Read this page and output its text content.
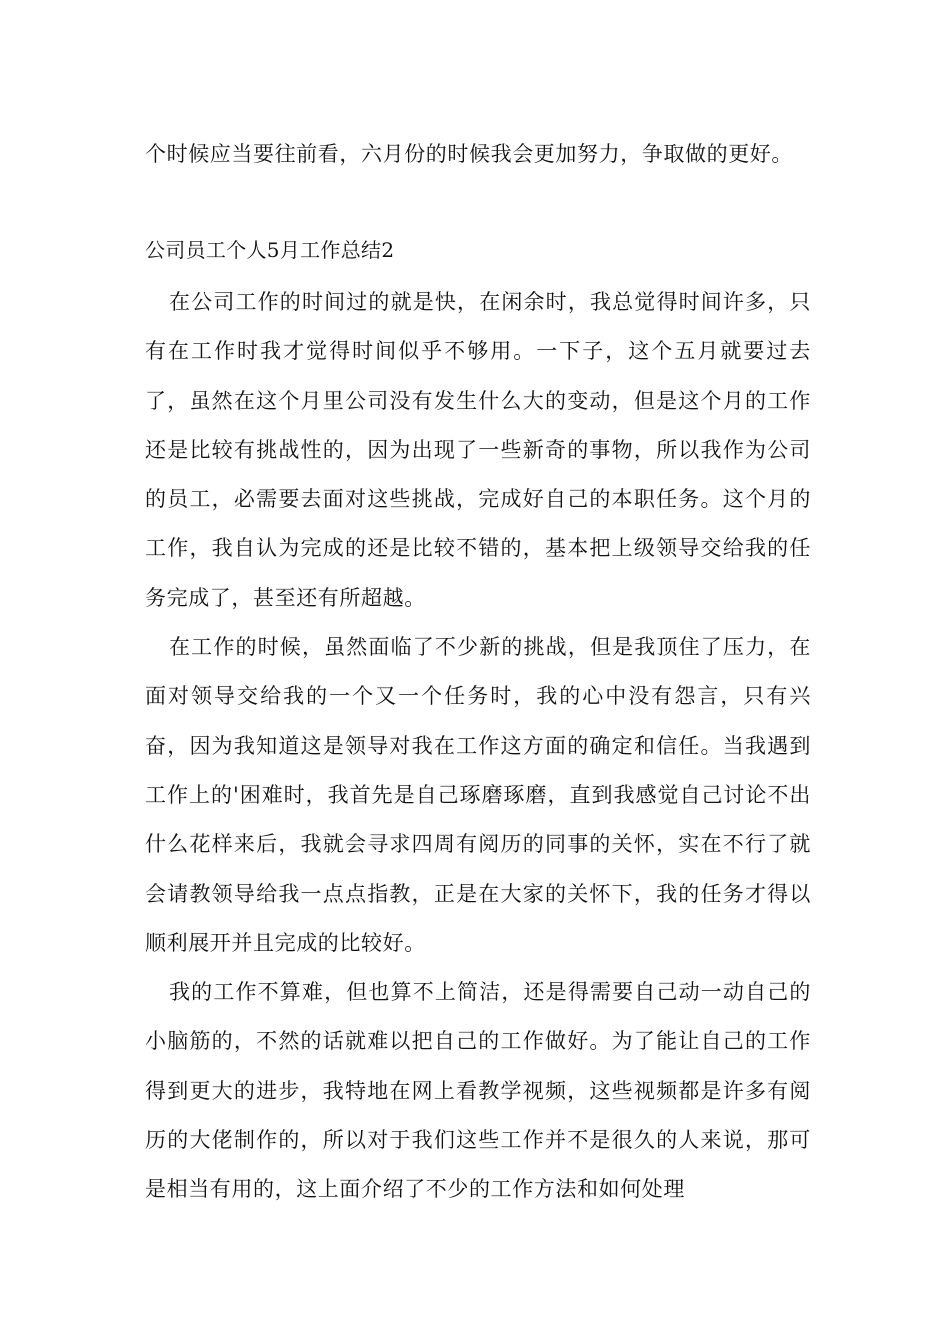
个时候应当要往前看，六月份的时候我会更加努力，争取做的更好。
公司员工个人5月工作总结2

在公司工作的时间过的就是快，在闲余时，我总觉得时间许多，只有在工作时我才觉得时间似乎不够用。一下子，这个五月就要过去了，虽然在这个月里公司没有发生什么大的变动，但是这个月的工作还是比较有挑战性的，因为出现了一些新奇的事物，所以我作为公司的员工，必需要去面对这些挑战，完成好自己的本职任务。这个月的工作，我自认为完成的还是比较不错的，基本把上级领导交给我的任务完成了，甚至还有所超越。

在工作的时候，虽然面临了不少新的挑战，但是我顶住了压力，在面对领导交给我的一个又一个任务时，我的心中没有怨言，只有兴奋，因为我知道这是领导对我在工作这方面的确定和信任。当我遇到工作上的'困难时，我首先是自己琢磨琢磨，直到我感觉自己讨论不出什么花样来后，我就会寻求四周有阅历的同事的关怀，实在不行了就会请教领导给我一点点指教，正是在大家的关怀下，我的任务才得以顺利展开并且完成的比较好。

我的工作不算难，但也算不上简洁，还是得需要自己动一动自己的小脑筋的，不然的话就难以把自己的工作做好。为了能让自己的工作得到更大的进步，我特地在网上看教学视频，这些视频都是许多有阅历的大佬制作的，所以对于我们这些工作并不是很久的人来说，那可是相当有用的，这上面介绍了不少的工作方法和如何处理
